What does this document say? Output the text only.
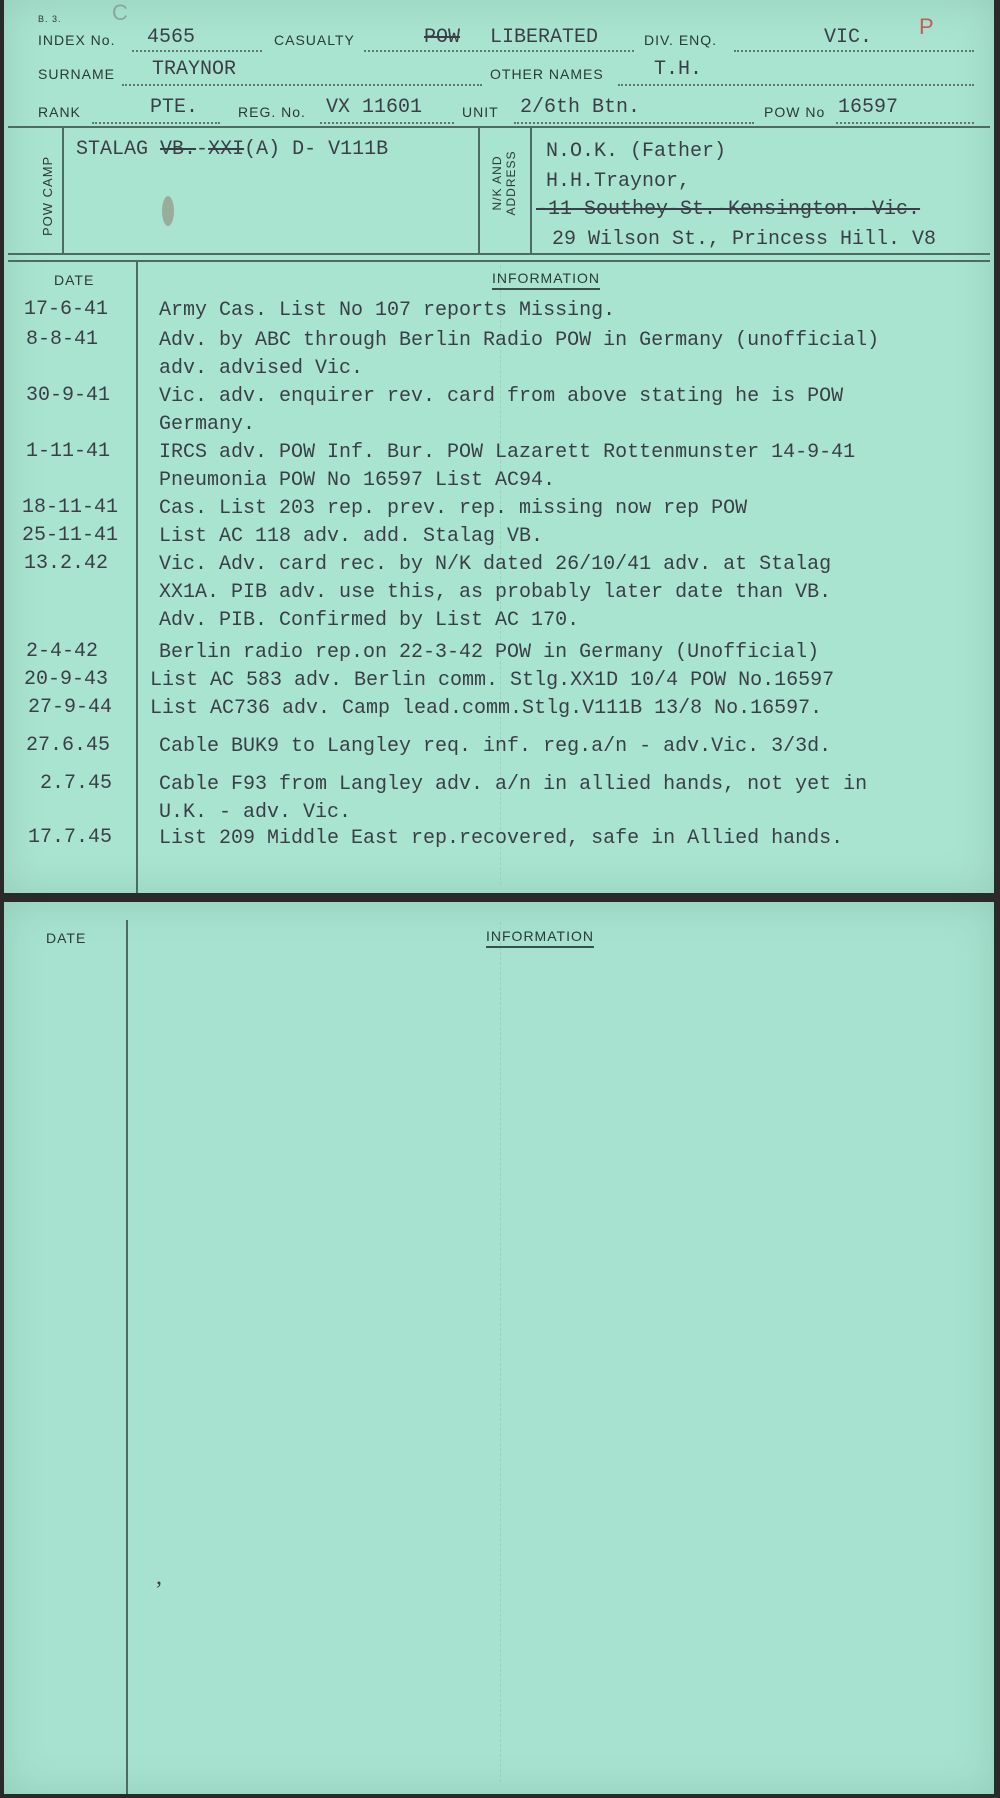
B. 3. C
P
INDEX No. 4565	CASUALTY	POW LIBERATED	DIV. ENQ.	VIC.
SURNAME TRAYNOR	OTHER NAMES	T.H.
RANK	PTE.	REG. No. VX 11601	UNIT 2/6th Btn.	POW No 16597
POW CAMP	N/K AND ADDRESS
STALAG VB.-XXI(A) D- V111B	N.O.K. (Father)
H.H.Traynor,
-11 Southey-St.-Kensington.-Vic.
29 Wilson St., Princess Hill. V8
DATE	INFORMATION
17-6-41	Army Cas. List No 107 reports Missing.
8-8-41	Adv. by ABC through Berlin Radio POW in Germany (unofficial)
adv. advised Vic.
30-9-41 Vic. adv. enquirer rev. card from above stating he is POW
Germany.
1-11-41 IRCS adv. POW Inf. Bur. POW Lazarett Rottenmunster 14-9-41
Pneumonia POW No 16597 List AC94.
18-11-41 Cas. List 203 rep. prev. rep. missing now rep POW
25-11-41 List AC 118 adv. add. Stalag VB.
13.2.42	Vic. Adv. card rec. by N/K dated 26/10/41 adv. at Stalag
XX1A. PIB adv. use this, as probably later date than VB.
Adv. PIB. Confirmed by List AC 170.
2-4-42	Berlin radio rep.on 22-3-42 POW in Germany (Unofficial)
20-9-43 List AC 583 adv. Berlin comm. Stlg.XX1D 10/4 POW No.16597
27-9-44 List AC736 adv. Camp lead.comm.Stlg.V111B 13/8 No.16597.
27.6.45 Cable BUK9 to Langley req. inf. reg.a/n - adv.Vic. 3/3d.
2.7.45 Cable F93 from Langley adv. a/n in allied hands, not yet in
U.K. - adv. Vic.
17.7.45 List 209 Middle East rep.recovered, safe in Allied hands.
DATE	INFORMATION
,
